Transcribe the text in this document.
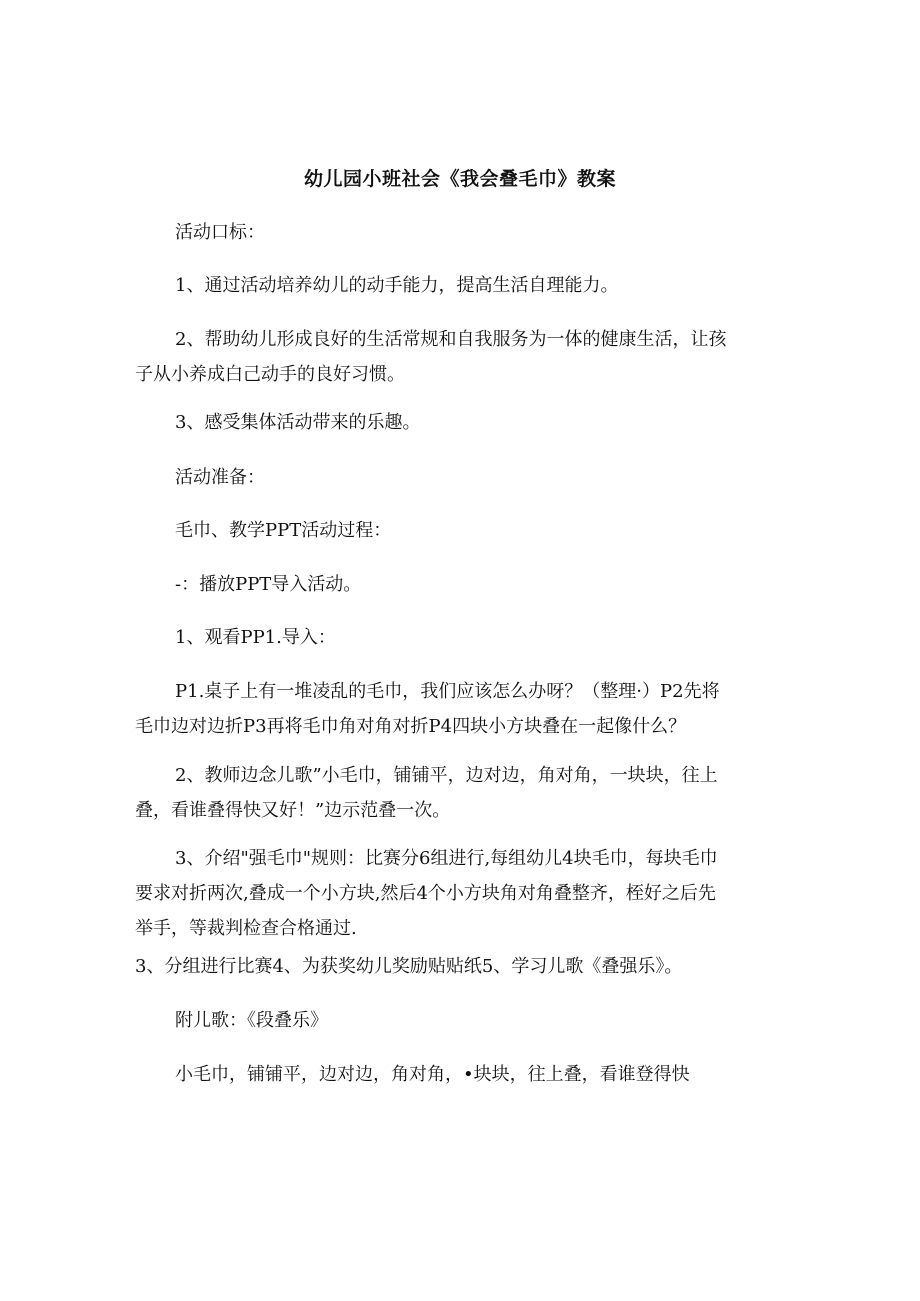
幼儿园小班社会《我会叠毛巾》教案

活动口标：

1、通过活动培养幼儿的动手能力，提高生活自理能力。

2、帮助幼儿形成良好的生活常规和自我服务为一体的健康生活，让孩
子从小养成白己动手的良好习惯。

3、感受集体活动带来的乐趣。

活动准备：

毛巾、教学PPT活动过程：

-：播放PPT导入活动。

1、观看PP1.导入：

P1.桌子上有一堆凌乱的毛巾，我们应该怎么办呀？（整理·）P2先将
毛巾边对边折P3再将毛巾角对角对折P4四块小方块叠在一起像什么？

2、教师边念儿歌”小毛巾，铺铺平，边对边，角对角，一块块，往上
叠，看谁叠得快又好！”边示范叠一次。

3、介绍"强毛巾"规则：比赛分6组进行,每组幼儿4块毛巾，每块毛巾
要求对折两次,叠成一个小方块,然后4个小方块角对角叠整齐，桎好之后先
举手，等裁判检查合格通过.

3、分组进行比赛4、为获奖幼儿奖励贴贴纸5、学习儿歌《叠强乐》。

附儿歌：《段叠乐》

小毛巾，铺铺平，边对边，角对角，•块块，往上叠，看谁登得快
